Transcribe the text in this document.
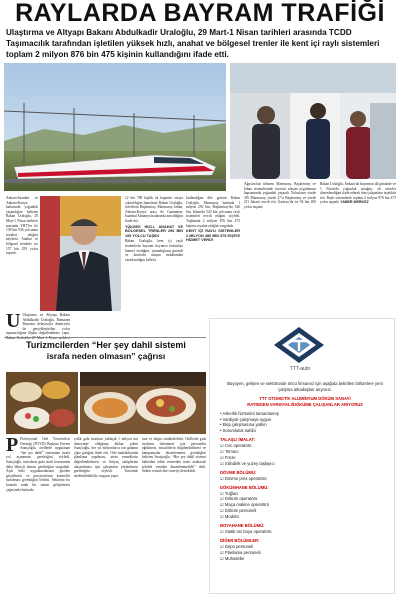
RAYLARDA BAYRAM TRAFİĞİ
Ulaştırma ve Altyapı Bakanı Abdulkadir Uraloğlu, 29 Mart-1 Nisan tarihleri arasında TCDD Taşımacılık tarafından işletilen yüksek hızlı, anahat ve bölgesel trenler ile kent içi raylı sistemleri toplam 2 milyon 876 bin 475 kişinin kullandığını ifade etti.
Ankara-İstanbul ve Ankara-Konya hatlarında yoğunluk yaşandığını belirten Bakan Uraloğlu, 29 Mart-1 Nisan tarihleri arasında YHT'ler ile 138 bin 936 yolcunun seyahat ettiğini kaydetti. Anahat ve bölgesel trenlerle ise 157 bin 259 yolcu taşındı.
U Ulaştırma ve Altyapı Bakanı Abdulkadir Uraloğlu, Ramazan Bayramı dolayısıyla demiryolu ile gerçekleştirilen yolcu taşımacılığına ilişkin değerlendirme yaptı.
12 bin 780 kişilik ek kapasite ortaya çıkarıldığını hatırlatan Bakan Uraloğlu, seferlerin Başkentray, Marmaray, İzban, Ankara-Konya arası ile Gaziantep-İstanbul Almanya hatlarında artırıldığını ifade etti.
YÜKSEK HIZLI, ANAHAT VE BÖLGESEL TRENLER 296 BİN 195 YOLCU TAŞIDI
Bakan Uraloğlu, kent içi raylı sistemlerin bayram boyunca kesintisiz hizmet verdiğini, vatandaşların güvenli ve konforlu ulaşım imkânından yararlandığını belirtti.
kullandığını dile getiren Bakan Uraloğlu, Marmaray hattında 1 milyon 250 bin, Başkentray'da 340 bin, İzban'da 520 bin yolcunun raylı sistemleri tercih ettiğini söyledi. Toplamda 2 milyon 876 bin 475 kişinin seyahat ettiğini vurguladı.
KENT İÇİ RAYLI SİSTEMLER 2 MİLYON 480 BİN 375 KİŞİYE HİZMET VERDİ
Ağustos'tan itibaren Marmaray, Başkentray ve İzban sistemlerinde ücretsiz ulaşım uygulaması kapsamında yoğunluk yaşandı. Yolcuların yüzde 38'i Marmaray, yüzde 27'si Başkentray ve yüzde 21'i İzban'ı tercih etti. Gaziray'da ise 94 bin 200 yolcu taşındı.
Bakan Uraloğlu, Ankara'da bayramın ilk gününde ve 1 Nisan'da yoğunluk arttığını, ek seferler düzenlendiğini ifade ederek tüm çalışanlara teşekkür etti. Raylı sistemlerde toplam 2 milyon 876 bin 475 yolcu taşındı. YABER MERKEZ
Turizmcilerden “Her şey dahil sistemi
israfa neden olmasın” çağrısı
P Profesyonel Otel Yöneticileri Derneği (POYD) Başkanı Kerem Saatçioğlu, otellerde uygulanan “her şey dahil” sisteminin israfa yol açmaması gerektiğini söyledi. Saatçioğlu, turistlerin gıda israfı konusunda daha bilinçli olması gerektiğini vurguladı. Açık büfe uygulamalarının gözden geçirilmesi ve porsiyonların kontrollü sunulması gerektiğini belirtti. Sektörün bu konuda ortak bir tutum geliştirmesi çağrısında bulundu.
yıllık gıda israfının yaklaşık 1 milyon ton düzeyinde olduğuna dikkat çeken Saatçioğlu, her yıl milyonlarca ton gıdanın çöpe gittiğini ifade etti. Otel mutfaklarında planlama yapılması, artan yemeklerin değerlendirilmesi ve ihtiyaç sahiplerine ulaştırılması için çalışmalar yürütülmesi gerektiğini söyledi. Turizmde sürdürülebilirlik vurgusu yaptı.
nun ve doğru sürdürülebilir. Otellerde gıda israfının önlenmesi için personelin eğitilmesi, misafirlerin bilgilendirilmesi ve kampanyalar düzenlenmesi gerektiğini belirten Saatçioğlu, “Her şey dahil sistemi kaliteden ödün vermeden israfı azaltacak şekilde yeniden düzenlenmelidir” dedi. Sektör temsilcileri öneriyi destekledi.
TTT-auto
Büyüyen, gelişen ve sektöründe öncü firmamız için aşağıda belirtilen bölümlere yeni çalışma arkadaşları arıyoruz.
TTT OTOMOTİV ALÜMİNYUM DÖKÜM SANAYİ
RATINGEN VARDIYALI/DÖKÜME ÇALIŞANLAR ARIYORUZ
• Askerlik hizmetini tamamlamış
• Vardiyalı çalışmaya uygun
• Ekip çalışmasına yatkın
• Sorumluluk sahibi
TALAŞLI İMALAT:
☑ Cnc operatörü
☑ Tornacı
☑ Freze
☑ Silindirik ve yuzey taşlayıcı
DÖVME BÖLÜMÜ:
☑ Dövme pres operatörü
DÖKÜMHANE BÖLÜMÜ:
☑ Tuğlacı
☑ Döküm operatörü
☑ Maça makine operatörü
☑ Döküm personeli
☑ Modelci
BOYAHANE BÖLÜMÜ:
☑ Statik toz boya operatörü
DİĞER BÖLÜMLER:
☑ Depo personeli
☑ Planlama personeli
☑ Muhasebe
